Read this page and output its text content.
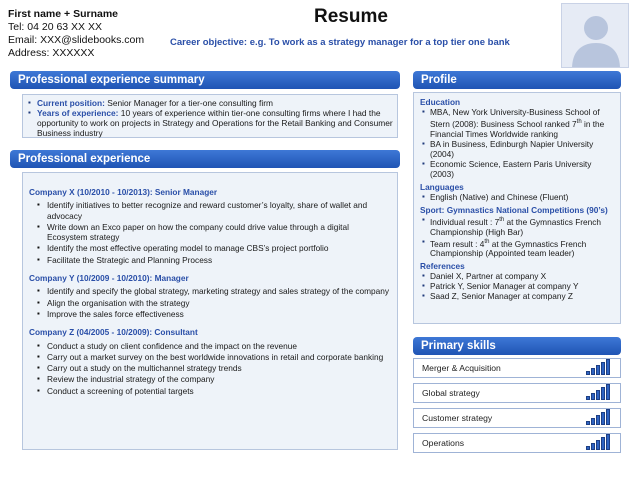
First name + Surname
Tel: 04 20 63 XX XX
Email: XXX@slidebooks.com
Address: XXXXXX
Resume
Career objective: e.g. To work as a strategy manager for a top tier one bank
Professional experience summary
▪ Current position: Senior Manager for a tier-one consulting firm
▪ Years of experience: 10 years of experience within tier-one consulting firms where I had the opportunity to work on projects in Strategy and Operations for the Retail Banking and Consumer Business industry
Professional experience
Company X (10/2010 - 10/2013): Senior Manager
▪ Identify initiatives to better recognize and reward customer’s loyalty, share of wallet and advocacy
▪ Write down an Exco paper on how the company could drive value through a digital Ecosystem strategy
▪ Identify the most effective operating model to manage CBS’s project portfolio
▪ Facilitate the Strategic and Planning Process
Company Y (10/2009 - 10/2010): Manager
▪ Identify and specify the global strategy, marketing strategy and sales strategy of the company
▪ Align the organisation with the strategy
▪ Improve the sales force effectiveness
Company Z (04/2005 - 10/2009): Consultant
▪ Conduct a study on client confidence and the impact on the revenue
▪ Carry out a market survey on the best worldwide innovations in retail and corporate banking
▪ Carry out a study on the multichannel strategy trends
▪ Review the industrial strategy of the company
▪ Conduct a screening of potential targets
Profile
Education
▪ MBA, New York University-Business School of Stern (2008): Business School ranked 7th in the Financial Times Worldwide ranking
▪ BA in Business, Edinburgh Napier University (2004)
▪ Economic Science, Eastern Paris University (2003)
Languages
▪ English (Native) and Chinese (Fluent)
Sport: Gymnastics National Competitions (90’s)
▪ Individual result : 7th at the Gymnastics French Championship (High Bar)
▪ Team result : 4th at the Gymnastics French Championship (Appointed team leader)
References
▪ Daniel X, Partner at company X
▪ Patrick Y, Senior Manager at company Y
▪ Saad Z, Senior Manager at company Z
Primary skills
Merger & Acquisition
Global strategy
Customer strategy
Operations
